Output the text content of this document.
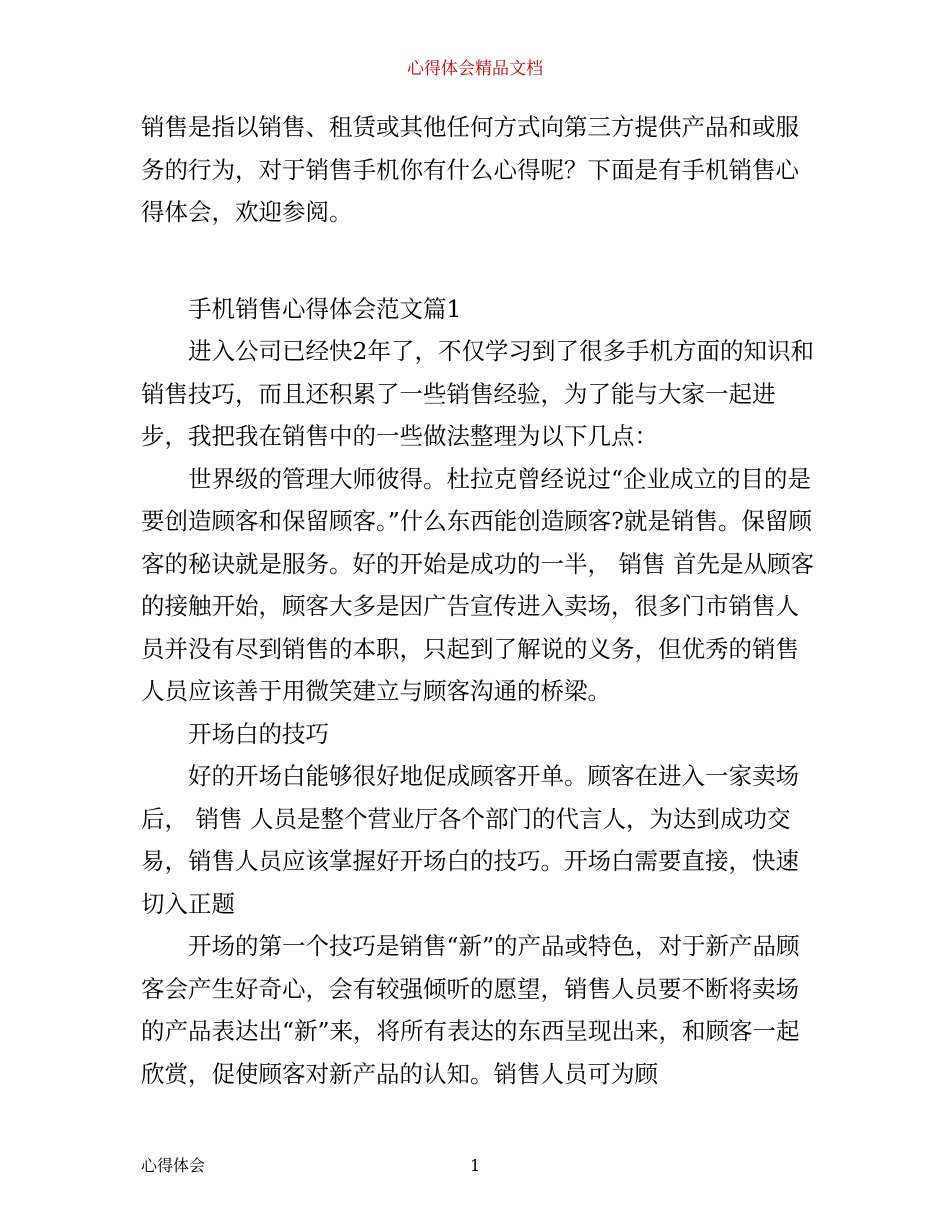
心得体会精品文档

销售是指以销售、租赁或其他任何方式向第三方提供产品和或服务的行为，对于销售手机你有什么心得呢？下面是有手机销售心得体会，欢迎参阅。

手机销售心得体会范文篇1

进入公司已经快2年了，不仅学习到了很多手机方面的知识和销售技巧，而且还积累了一些销售经验，为了能与大家一起进步，我把我在销售中的一些做法整理为以下几点：

世界级的管理大师彼得。杜拉克曾经说过“企业成立的目的是要创造顾客和保留顾客。”什么东西能创造顾客?就是销售。保留顾客的秘诀就是服务。好的开始是成功的一半， 销售 首先是从顾客的接触开始，顾客大多是因广告宣传进入卖场，很多门市销售人员并没有尽到销售的本职，只起到了解说的义务，但优秀的销售人员应该善于用微笑建立与顾客沟通的桥梁。

开场白的技巧

好的开场白能够很好地促成顾客开单。顾客在进入一家卖场后， 销售 人员是整个营业厅各个部门的代言人，为达到成功交易，销售人员应该掌握好开场白的技巧。开场白需要直接，快速切入正题

开场的第一个技巧是销售“新”的产品或特色，对于新产品顾客会产生好奇心，会有较强倾听的愿望，销售人员要不断将卖场的产品表达出“新”来，将所有表达的东西呈现出来，和顾客一起欣赏，促使顾客对新产品的认知。销售人员可为顾

心得体会	1
